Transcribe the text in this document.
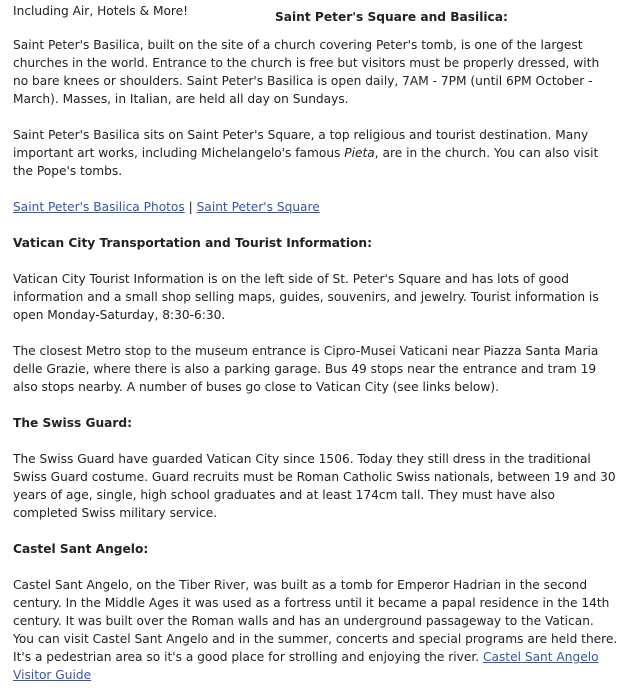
Including Air, Hotels & More!	Saint Peter's Square and Basilica:

Saint Peter's Basilica, built on the site of a church covering Peter's tomb, is one of the largest churches in the world. Entrance to the church is free but visitors must be properly dressed, with no bare knees or shoulders. Saint Peter's Basilica is open daily, 7AM - 7PM (until 6PM October - March). Masses, in Italian, are held all day on Sundays.

Saint Peter's Basilica sits on Saint Peter's Square, a top religious and tourist destination. Many important art works, including Michelangelo's famous Pieta, are in the church. You can also visit the Pope's tombs.

Saint Peter's Basilica Photos | Saint Peter's Square

Vatican City Transportation and Tourist Information:

Vatican City Tourist Information is on the left side of St. Peter's Square and has lots of good information and a small shop selling maps, guides, souvenirs, and jewelry. Tourist information is open Monday-Saturday, 8:30-6:30.

The closest Metro stop to the museum entrance is Cipro-Musei Vaticani near Piazza Santa Maria delle Grazie, where there is also a parking garage. Bus 49 stops near the entrance and tram 19 also stops nearby. A number of buses go close to Vatican City (see links below).

The Swiss Guard:

The Swiss Guard have guarded Vatican City since 1506. Today they still dress in the traditional Swiss Guard costume. Guard recruits must be Roman Catholic Swiss nationals, between 19 and 30 years of age, single, high school graduates and at least 174cm tall. They must have also completed Swiss military service.

Castel Sant Angelo:

Castel Sant Angelo, on the Tiber River, was built as a tomb for Emperor Hadrian in the second century. In the Middle Ages it was used as a fortress until it became a papal residence in the 14th century. It was built over the Roman walls and has an underground passageway to the Vatican. You can visit Castel Sant Angelo and in the summer, concerts and special programs are held there. It's a pedestrian area so it's a good place for strolling and enjoying the river. Castel Sant Angelo Visitor Guide
